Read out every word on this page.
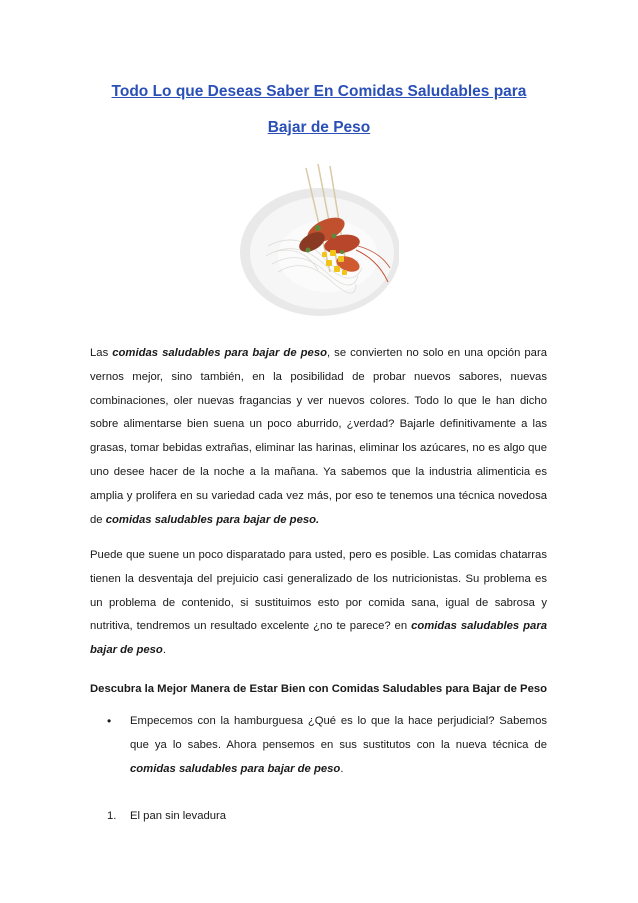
Todo Lo que Deseas Saber En Comidas Saludables para
Bajar de Peso

Las comidas saludables para bajar de peso, se convierten no solo en una opción para vernos mejor, sino también, en la posibilidad de probar nuevos sabores, nuevas combinaciones, oler nuevas fragancias y ver nuevos colores. Todo lo que le han dicho sobre alimentarse bien suena un poco aburrido, ¿verdad? Bajarle definitivamente a las grasas, tomar bebidas extrañas, eliminar las harinas, eliminar los azúcares, no es algo que uno desee hacer de la noche a la mañana. Ya sabemos que la industria alimenticia es amplia y prolifera en su variedad cada vez más, por eso te tenemos una técnica novedosa de comidas saludables para bajar de peso.

Puede que suene un poco disparatado para usted, pero es posible. Las comidas chatarras tienen la desventaja del prejuicio casi generalizado de los nutricionistas. Su problema es un problema de contenido, si sustituimos esto por comida sana, igual de sabrosa y nutritiva, tendremos un resultado excelente ¿no te parece? en comidas saludables para bajar de peso.

Descubra la Mejor Manera de Estar Bien con Comidas Saludables para Bajar de Peso
• Empecemos con la hamburguesa ¿Qué es lo que la hace perjudicial? Sabemos que ya lo sabes. Ahora pensemos en sus sustitutos con la nueva técnica de comidas saludables para bajar de peso.

1. El pan sin levadura
